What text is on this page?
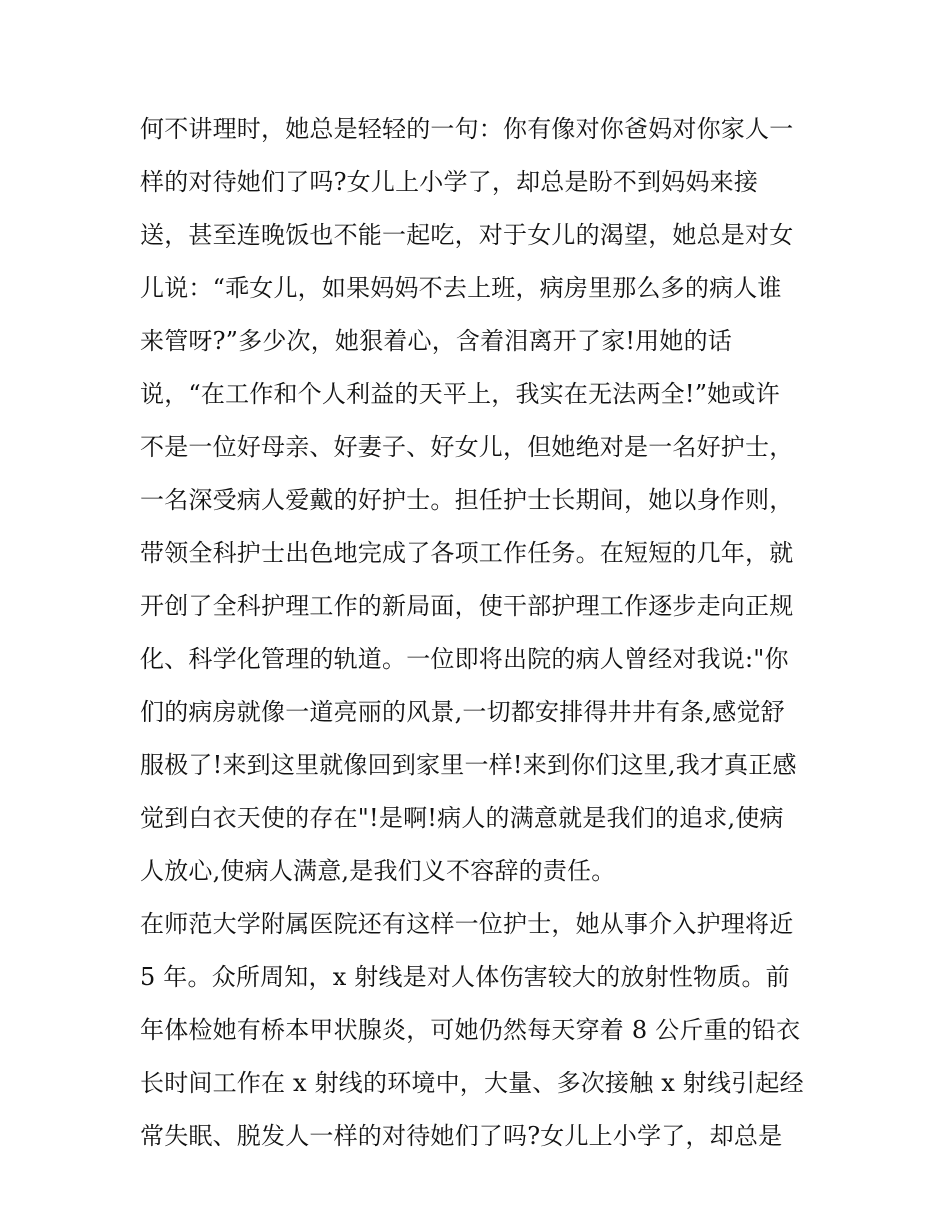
何不讲理时，她总是轻轻的一句：你有像对你爸妈对你家人一
样的对待她们了吗?女儿上小学了，却总是盼不到妈妈来接
送，甚至连晚饭也不能一起吃，对于女儿的渴望，她总是对女
儿说：“乖女儿，如果妈妈不去上班，病房里那么多的病人谁
来管呀?”多少次，她狠着心，含着泪离开了家!用她的话
说，“在工作和个人利益的天平上，我实在无法两全!”她或许
不是一位好母亲、好妻子、好女儿，但她绝对是一名好护士，
一名深受病人爱戴的好护士。担任护士长期间，她以身作则，
带领全科护士出色地完成了各项工作任务。在短短的几年，就
开创了全科护理工作的新局面，使干部护理工作逐步走向正规
化、科学化管理的轨道。一位即将出院的病人曾经对我说:"你
们的病房就像一道亮丽的风景,一切都安排得井井有条,感觉舒
服极了!来到这里就像回到家里一样!来到你们这里,我才真正感
觉到白衣天使的存在"!是啊!病人的满意就是我们的追求,使病
人放心,使病人满意,是我们义不容辞的责任。
在师范大学附属医院还有这样一位护士，她从事介入护理将近
5 年。众所周知，x 射线是对人体伤害较大的放射性物质。前
年体检她有桥本甲状腺炎，可她仍然每天穿着 8 公斤重的铅衣
长时间工作在 x 射线的环境中，大量、多次接触 x 射线引起经
常失眠、脱发人一样的对待她们了吗?女儿上小学了，却总是
